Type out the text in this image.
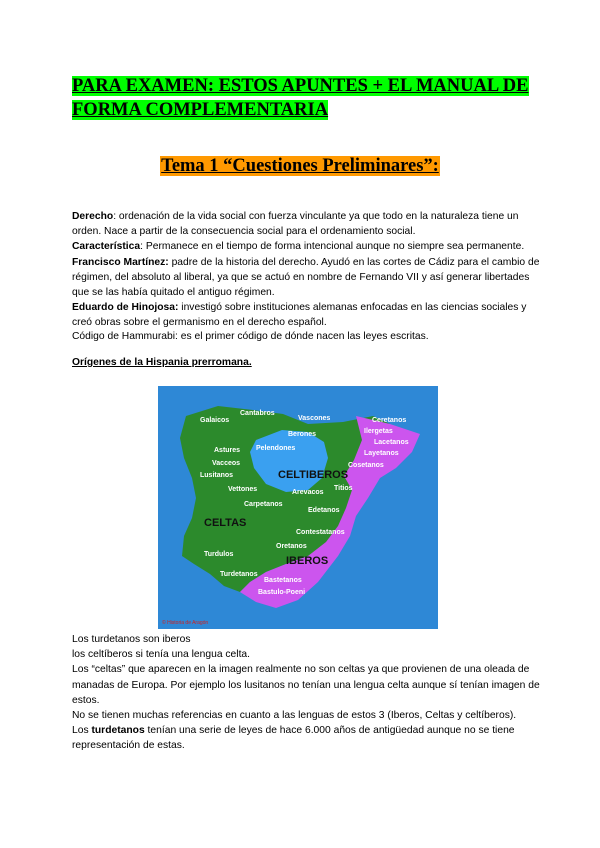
PARA EXAMEN: ESTOS APUNTES + EL MANUAL DE
FORMA COMPLEMENTARIA
Tema 1 “Cuestiones Preliminares”:
Derecho: ordenación de la vida social con fuerza vinculante ya que todo en la naturaleza tiene un orden. Nace a partir de la consecuencia social para el ordenamiento social.
Característica: Permanece en el tiempo de forma intencional aunque no siempre sea permanente.
Francisco Martínez: padre de la historia del derecho. Ayudó en las cortes de Cádiz para el cambio de régimen, del absoluto al liberal, ya que se actuó en nombre de Fernando VII y así generar libertades que se las había quitado el antiguo régimen.
Eduardo de Hinojosa: investigó sobre instituciones alemanas enfocadas en las ciencias sociales y creó obras sobre el germanismo en el derecho español.
Código de Hammurabi: es el primer código de dónde nacen las leyes escritas.
Orígenes de la Hispania prerromana.
CELTIBEROS
CELTAS
IBEROS
Galaicos
Cantabros
Vascones
Berones
Pelendones
Astures
Vacceos
Lusitanos
Arevacos
Titios
Vettones
Carpetanos
Edetanos
Contestatanos
Oretanos
Turdulos
Turdetanos
Bastetanos
Bastulo-Poeni
Ceretanos
Ilergetas
Lacetanos
Layetanos
Cosetanos
© Historia de Aragón
Los turdetanos son iberos
los celtíberos si tenía una lengua celta.
Los “celtas” que aparecen en la imagen realmente no son celtas ya que provienen de una oleada de manadas de Europa. Por ejemplo los lusitanos no tenían una lengua celta aunque sí tenían imagen de estos.
No se tienen muchas referencias en cuanto a las lenguas de estos 3 (Iberos, Celtas y celtíberos).
Los turdetanos tenían una serie de leyes de hace 6.000 años de antigüedad aunque no se tiene representación de estas.
